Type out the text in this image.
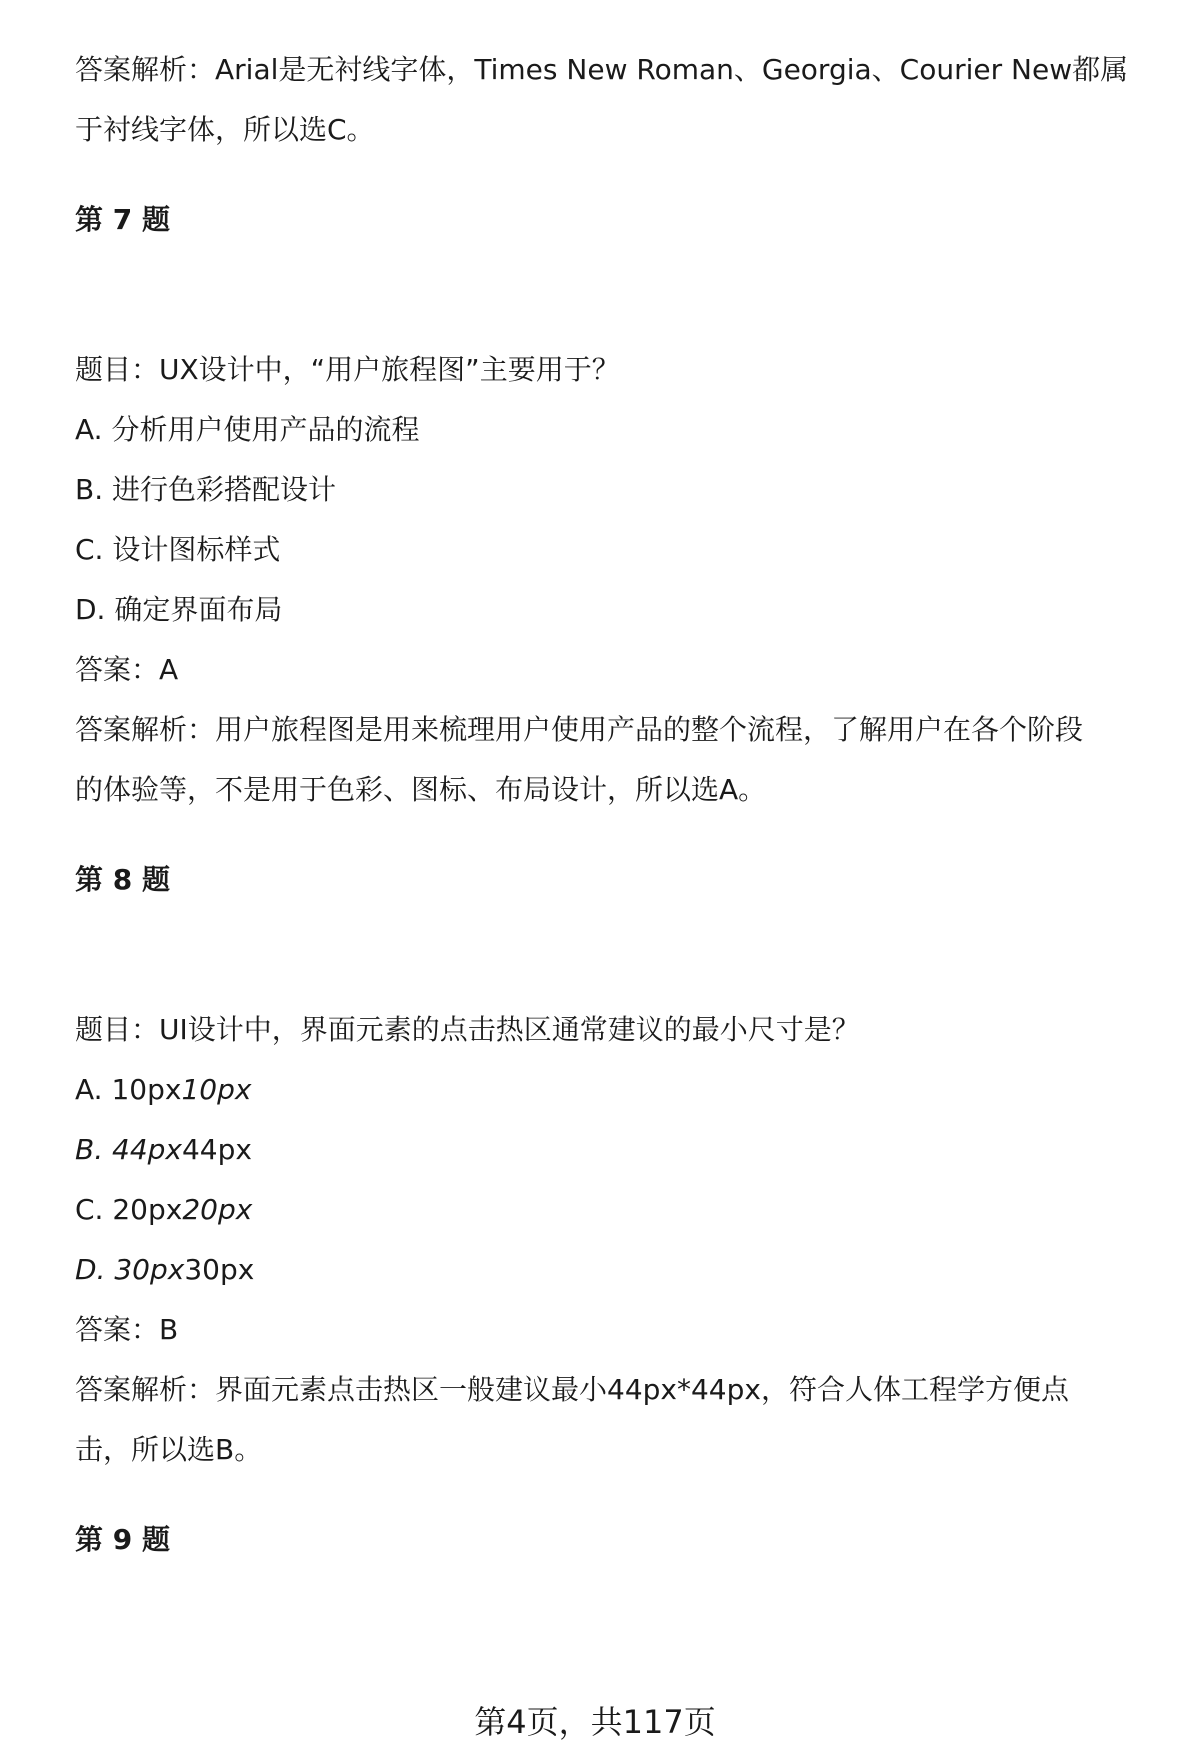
答案解析：Arial是无衬线字体，Times New Roman、Georgia、Courier New都属
于衬线字体，所以选C。
第 7 题
题目：UX设计中，“用户旅程图”主要用于？
A. 分析用户使用产品的流程
B. 进行色彩搭配设计
C. 设计图标样式
D. 确定界面布局
答案：A
答案解析：用户旅程图是用来梳理用户使用产品的整个流程，了解用户在各个阶段
的体验等，不是用于色彩、图标、布局设计，所以选A。
第 8 题
题目：UI设计中，界面元素的点击热区通常建议的最小尺寸是？
A. 10px10px
B. 44px44px
C. 20px20px
D. 30px30px
答案：B
答案解析：界面元素点击热区一般建议最小44px*44px，符合人体工程学方便点
击，所以选B。
第 9 题
第4页，共117页
